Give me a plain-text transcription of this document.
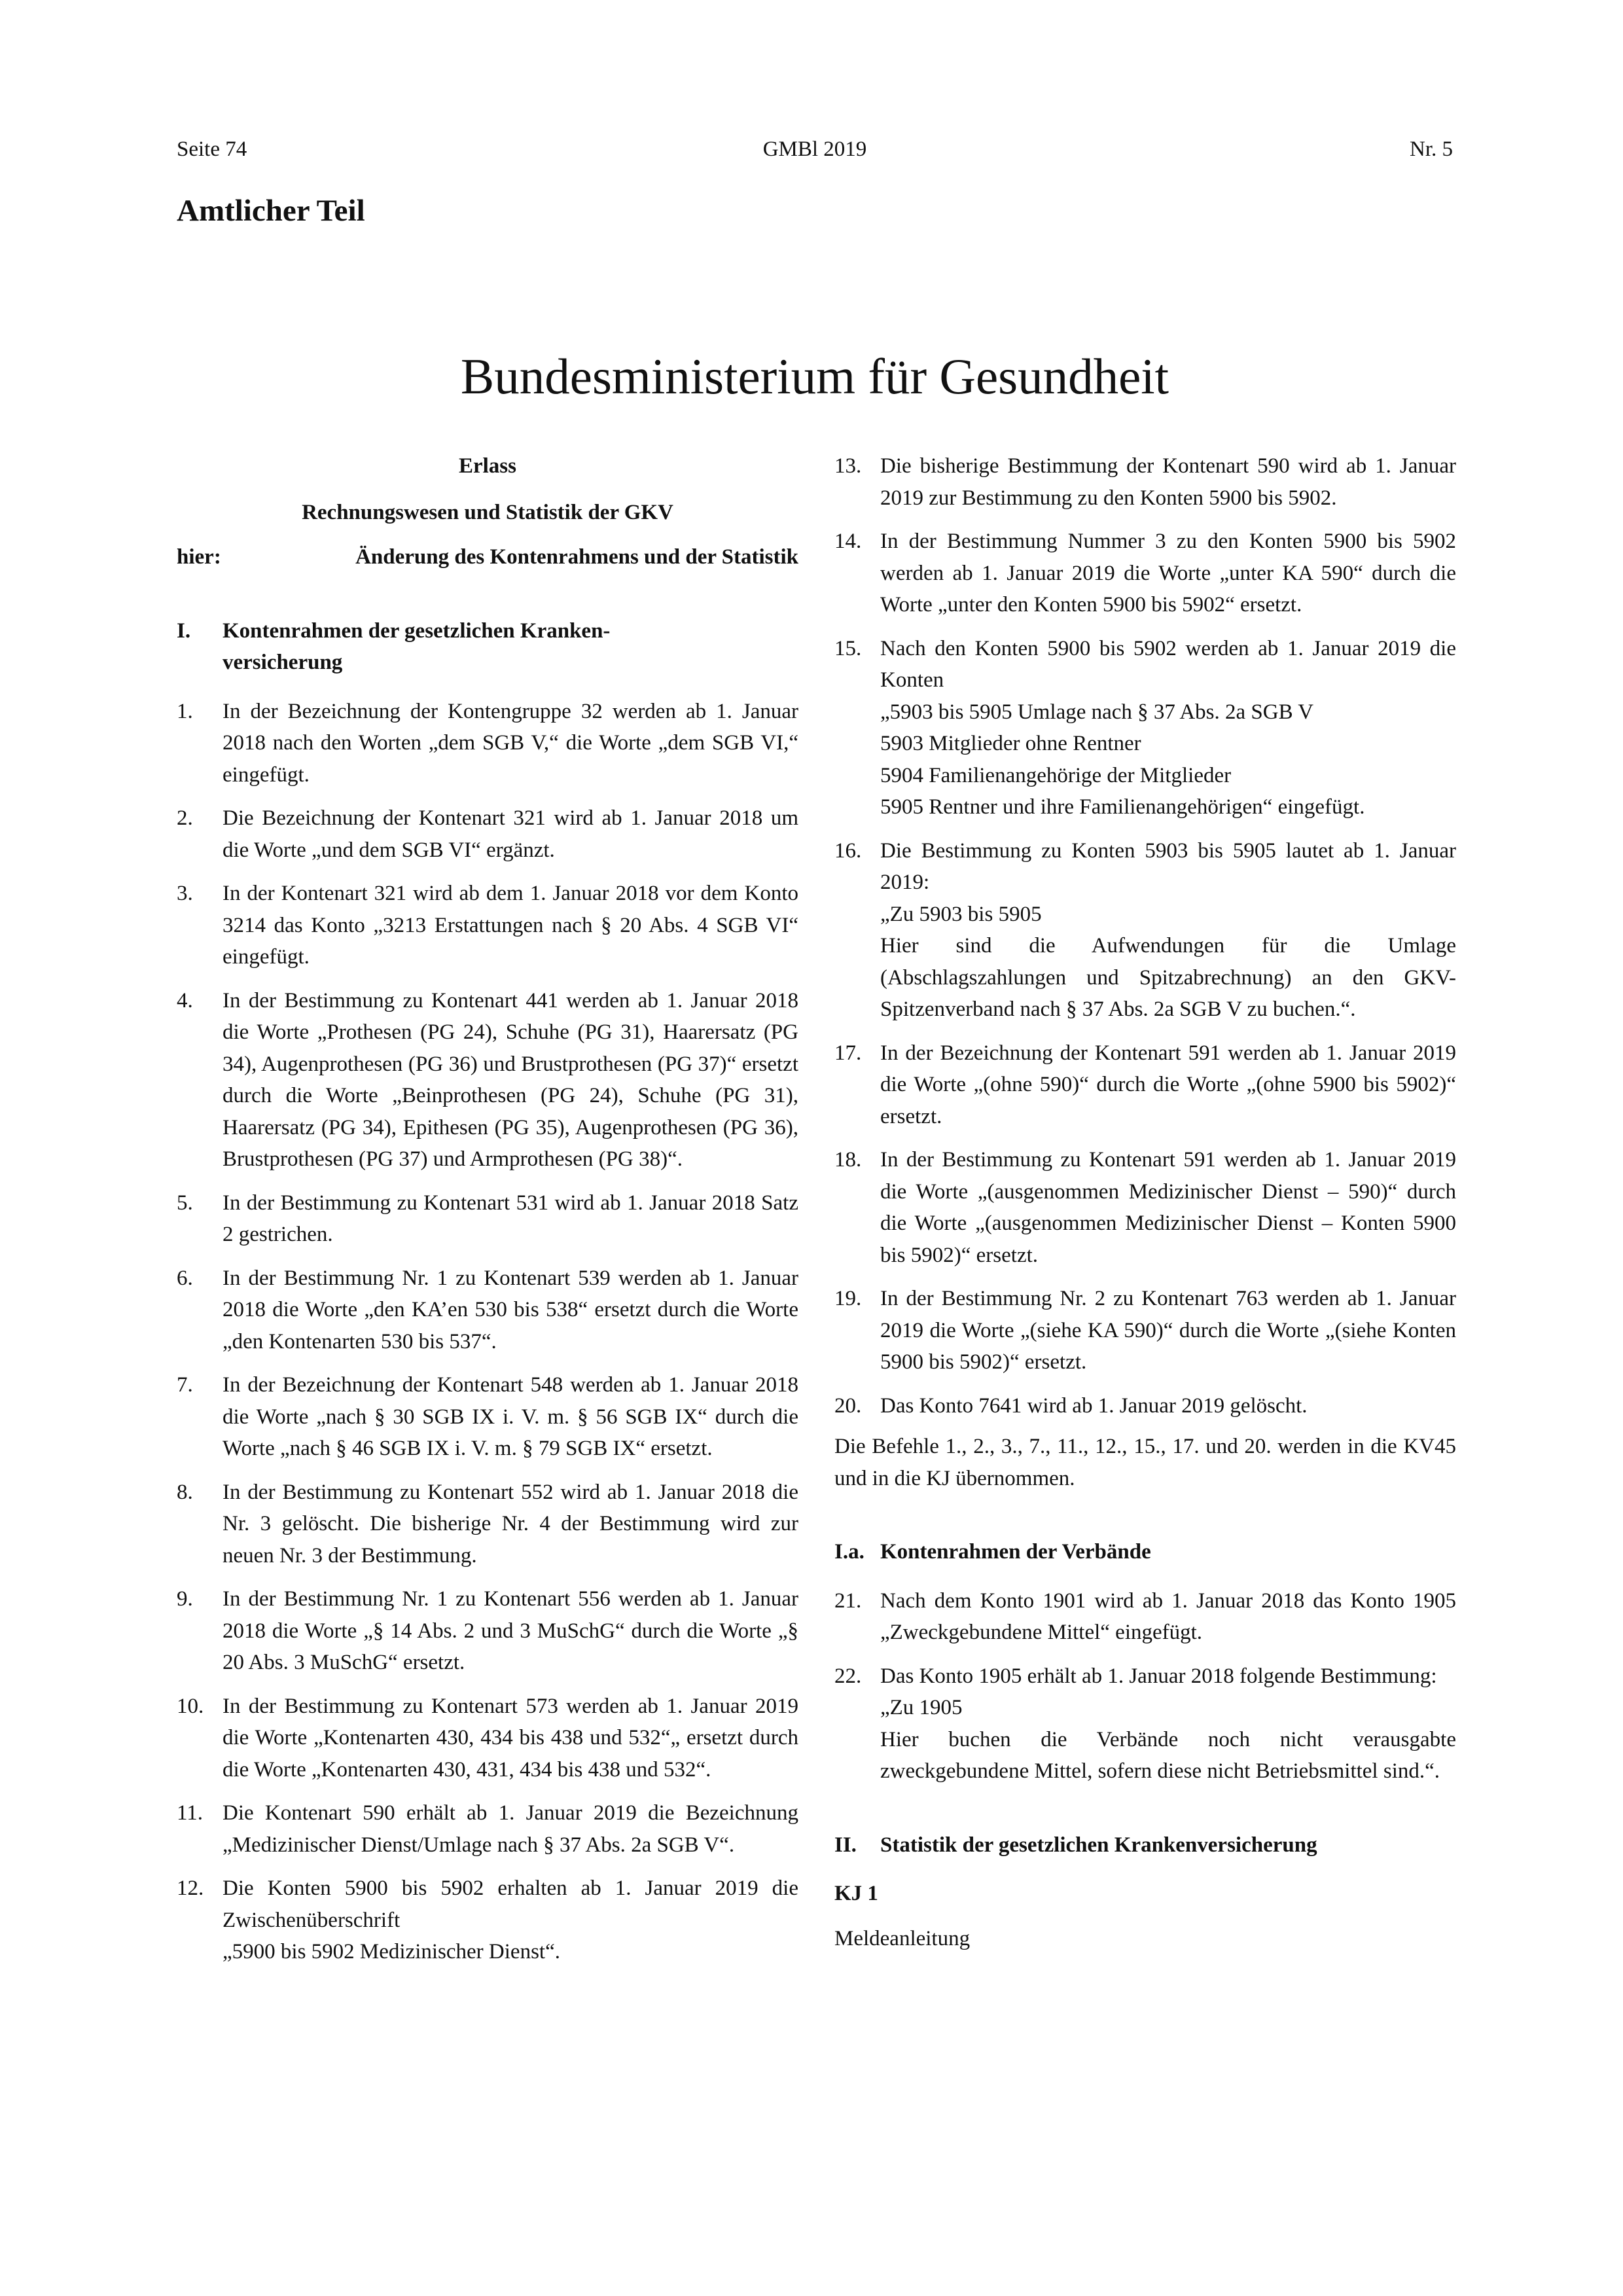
GMBl 2019
Seite 74	Nr. 5
Amtlicher Teil
Bundesministerium für Gesundheit
Erlass
Rechnungswesen und Statistik der GKV
hier:	Änderung des Kontenrahmens und der Statistik
I.	Kontenrahmen der gesetzlichen Kranken-
versicherung
1.	In der Bezeichnung der Kontengruppe 32 werden ab 1. Januar 2018 nach den Worten „dem SGB V,“ die Worte „dem SGB VI,“ eingefügt.
2.	Die Bezeichnung der Kontenart 321 wird ab 1. Januar 2018 um die Worte „und dem SGB VI“ ergänzt.
3.	In der Kontenart 321 wird ab dem 1. Januar 2018 vor dem Konto 3214 das Konto „3213 Erstattungen nach § 20 Abs. 4 SGB VI“ eingefügt.
4.	In der Bestimmung zu Kontenart 441 werden ab 1. Januar 2018 die Worte „Prothesen (PG 24), Schuhe (PG 31), Haarersatz (PG 34), Augenprothesen (PG 36) und Brustprothesen (PG 37)“ ersetzt durch die Worte „Beinprothesen (PG 24), Schuhe (PG 31), Haarersatz (PG 34), Epithesen (PG 35), Augenprothesen (PG 36), Brustprothesen (PG 37) und Armprothesen (PG 38)“.
5.	In der Bestimmung zu Kontenart 531 wird ab 1. Januar 2018 Satz 2 gestrichen.
6.	In der Bestimmung Nr. 1 zu Kontenart 539 werden ab 1. Januar 2018 die Worte „den KA’en 530 bis 538“ ersetzt durch die Worte „den Kontenarten 530 bis 537“.
7.	In der Bezeichnung der Kontenart 548 werden ab 1. Januar 2018 die Worte „nach § 30 SGB IX i. V. m. § 56 SGB IX“ durch die Worte „nach § 46 SGB IX i. V. m. § 79 SGB IX“ ersetzt.
8.	In der Bestimmung zu Kontenart 552 wird ab 1. Januar 2018 die Nr. 3 gelöscht. Die bisherige Nr. 4 der Bestimmung wird zur neuen Nr. 3 der Bestimmung.
9.	In der Bestimmung Nr. 1 zu Kontenart 556 werden ab 1. Januar 2018 die Worte „§ 14 Abs. 2 und 3 MuSchG“ durch die Worte „§ 20 Abs. 3 MuSchG“ ersetzt.
10. In der Bestimmung zu Kontenart 573 werden ab 1. Januar 2019 die Worte „Kontenarten 430, 434 bis 438 und 532“„ ersetzt durch die Worte „Kontenarten 430, 431, 434 bis 438 und 532“.
11. Die Kontenart 590 erhält ab 1. Januar 2019 die Bezeichnung „Medizinischer Dienst/Umlage nach § 37 Abs. 2a SGB V“.
12. Die Konten 5900 bis 5902 erhalten ab 1. Januar 2019 die Zwischenüberschrift
„5900 bis 5902 Medizinischer Dienst“.
13. Die bisherige Bestimmung der Kontenart 590 wird ab 1. Januar 2019 zur Bestimmung zu den Konten 5900 bis 5902.
14. In der Bestimmung Nummer 3 zu den Konten 5900 bis 5902 werden ab 1. Januar 2019 die Worte „unter KA 590“ durch die Worte „unter den Konten 5900 bis 5902“ ersetzt.
15. Nach den Konten 5900 bis 5902 werden ab 1. Januar 2019 die Konten
„5903 bis 5905 Umlage nach § 37 Abs. 2a SGB V
5903 Mitglieder ohne Rentner
5904 Familienangehörige der Mitglieder
5905 Rentner und ihre Familienangehörigen“ eingefügt.
16. Die Bestimmung zu Konten 5903 bis 5905 lautet ab 1. Januar 2019:
„Zu 5903 bis 5905
Hier sind die Aufwendungen für die Umlage (Abschlagszahlungen und Spitzabrechnung) an den GKV-Spitzenverband nach § 37 Abs. 2a SGB V zu buchen.“.
17. In der Bezeichnung der Kontenart 591 werden ab 1. Januar 2019 die Worte „(ohne 590)“ durch die Worte „(ohne 5900 bis 5902)“ ersetzt.
18. In der Bestimmung zu Kontenart 591 werden ab 1. Januar 2019 die Worte „(ausgenommen Medizinischer Dienst – 590)“ durch die Worte „(ausgenommen Medizinischer Dienst – Konten 5900 bis 5902)“ ersetzt.
19. In der Bestimmung Nr. 2 zu Kontenart 763 werden ab 1. Januar 2019 die Worte „(siehe KA 590)“ durch die Worte „(siehe Konten 5900 bis 5902)“ ersetzt.
20. Das Konto 7641 wird ab 1. Januar 2019 gelöscht.
Die Befehle 1., 2., 3., 7., 11., 12., 15., 17. und 20. werden in die KV45 und in die KJ übernommen.
I.a. Kontenrahmen der Verbände
21. Nach dem Konto 1901 wird ab 1. Januar 2018 das Konto 1905 „Zweckgebundene Mittel“ eingefügt.
22. Das Konto 1905 erhält ab 1. Januar 2018 folgende Bestimmung:
„Zu 1905
Hier buchen die Verbände noch nicht verausgabte zweckgebundene Mittel, sofern diese nicht Betriebsmittel sind.“.
II.	Statistik der gesetzlichen Krankenversicherung
KJ 1
Meldeanleitung
